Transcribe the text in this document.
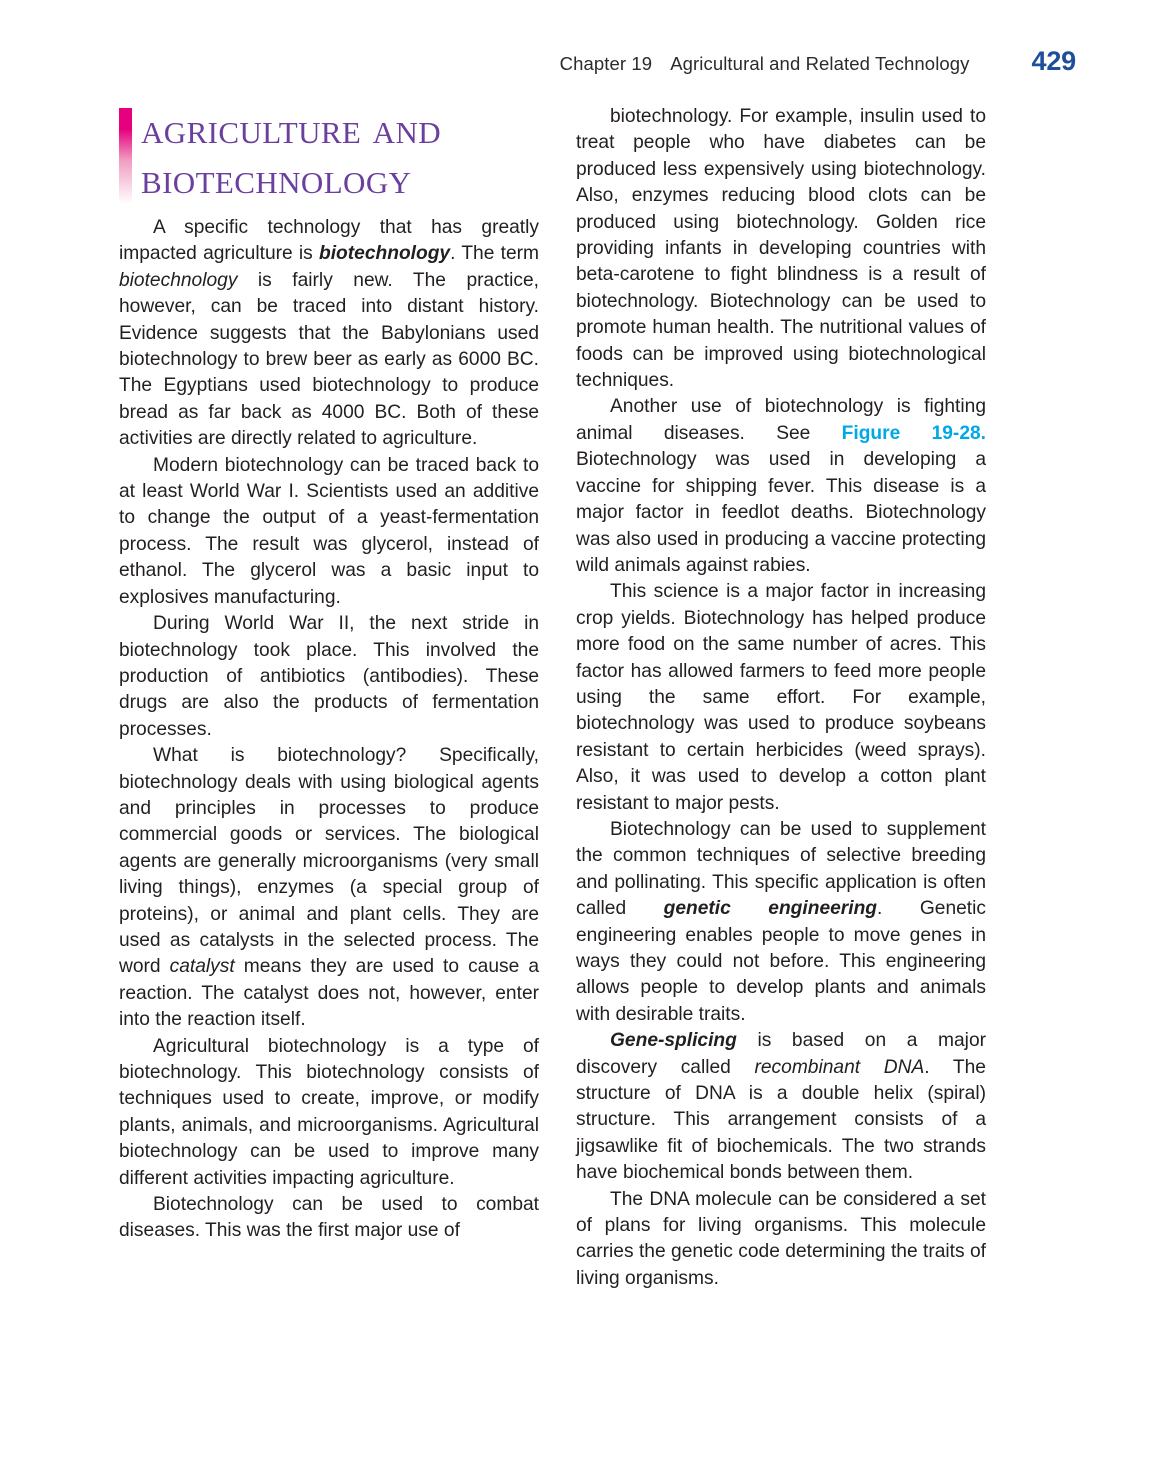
Chapter 19 Agricultural and Related Technology 429
agriculture and
biotechnology

A specific technology that has greatly impacted agriculture is biotechnology. The term biotechnology is fairly new. The practice, however, can be traced into distant history. Evidence suggests that the Babylonians used biotechnology to brew beer as early as 6000 BC. The Egyptians used biotechnology to produce bread as far back as 4000 BC. Both of these activities are directly related to agriculture.

Modern biotechnology can be traced back to at least World War I. Scientists used an additive to change the output of a yeast-fermentation process. The result was glycerol, instead of ethanol. The glycerol was a basic input to explosives manufacturing.

During World War II, the next stride in biotechnology took place. This involved the production of antibiotics (antibodies). These drugs are also the products of fermentation processes.

What is biotechnology? Specifically, biotechnology deals with using biological agents and principles in processes to produce commercial goods or services. The biological agents are generally microorganisms (very small living things), enzymes (a special group of proteins), or animal and plant cells. They are used as catalysts in the selected process. The word catalyst means they are used to cause a reaction. The catalyst does not, however, enter into the reaction itself.

Agricultural biotechnology is a type of biotechnology. This biotechnology consists of techniques used to create, improve, or modify plants, animals, and microorganisms. Agricultural biotechnology can be used to improve many different activities impacting agriculture.

Biotechnology can be used to combat diseases. This was the first major use of

biotechnology. For example, insulin used to treat people who have diabetes can be produced less expensively using biotechnology. Also, enzymes reducing blood clots can be produced using biotechnology. Golden rice providing infants in developing countries with beta-carotene to fight blindness is a result of biotechnology. Biotechnology can be used to promote human health. The nutritional values of foods can be improved using biotechnological techniques.

Another use of biotechnology is fighting animal diseases. See Figure 19-28. Biotechnology was used in developing a vaccine for shipping fever. This disease is a major factor in feedlot deaths. Biotechnology was also used in producing a vaccine protecting wild animals against rabies.

This science is a major factor in increasing crop yields. Biotechnology has helped produce more food on the same number of acres. This factor has allowed farmers to feed more people using the same effort. For example, biotechnology was used to produce soybeans resistant to certain herbicides (weed sprays). Also, it was used to develop a cotton plant resistant to major pests.

Biotechnology can be used to supplement the common techniques of selective breeding and pollinating. This specific application is often called genetic engineering. Genetic engineering enables people to move genes in ways they could not before. This engineering allows people to develop plants and animals with desirable traits.

Gene-splicing is based on a major discovery called recombinant DNA. The structure of DNA is a double helix (spiral) structure. This arrangement consists of a jigsawlike fit of biochemicals. The two strands have biochemical bonds between them.

The DNA molecule can be considered a set of plans for living organisms. This molecule carries the genetic code determining the traits of living organisms.
